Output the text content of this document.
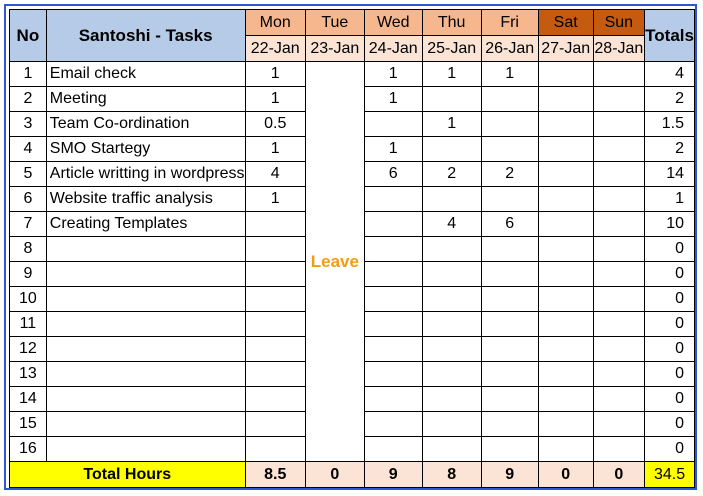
No	Santoshi - Tasks	Mon	Tue	Wed	Thu	Fri	Sat	Sun	Totals
		22-Jan	23-Jan	24-Jan	25-Jan	26-Jan	27-Jan	28-Jan	
1	Email check	1	Leave	1	1	1			4
2	Meeting	1		1					2
3	Team Co-ordination	0.5			1				1.5
4	SMO Startegy	1		1					2
5	Article writting in wordpress	4		6	2	2			14
6	Website traffic analysis	1							1
7	Creating Templates				4	6			10
8									0
9									0
10									0
11									0
12									0
13									0
14									0
15									0
16									0
Total Hours		8.5	0	9	8	9	0	0	34.5
